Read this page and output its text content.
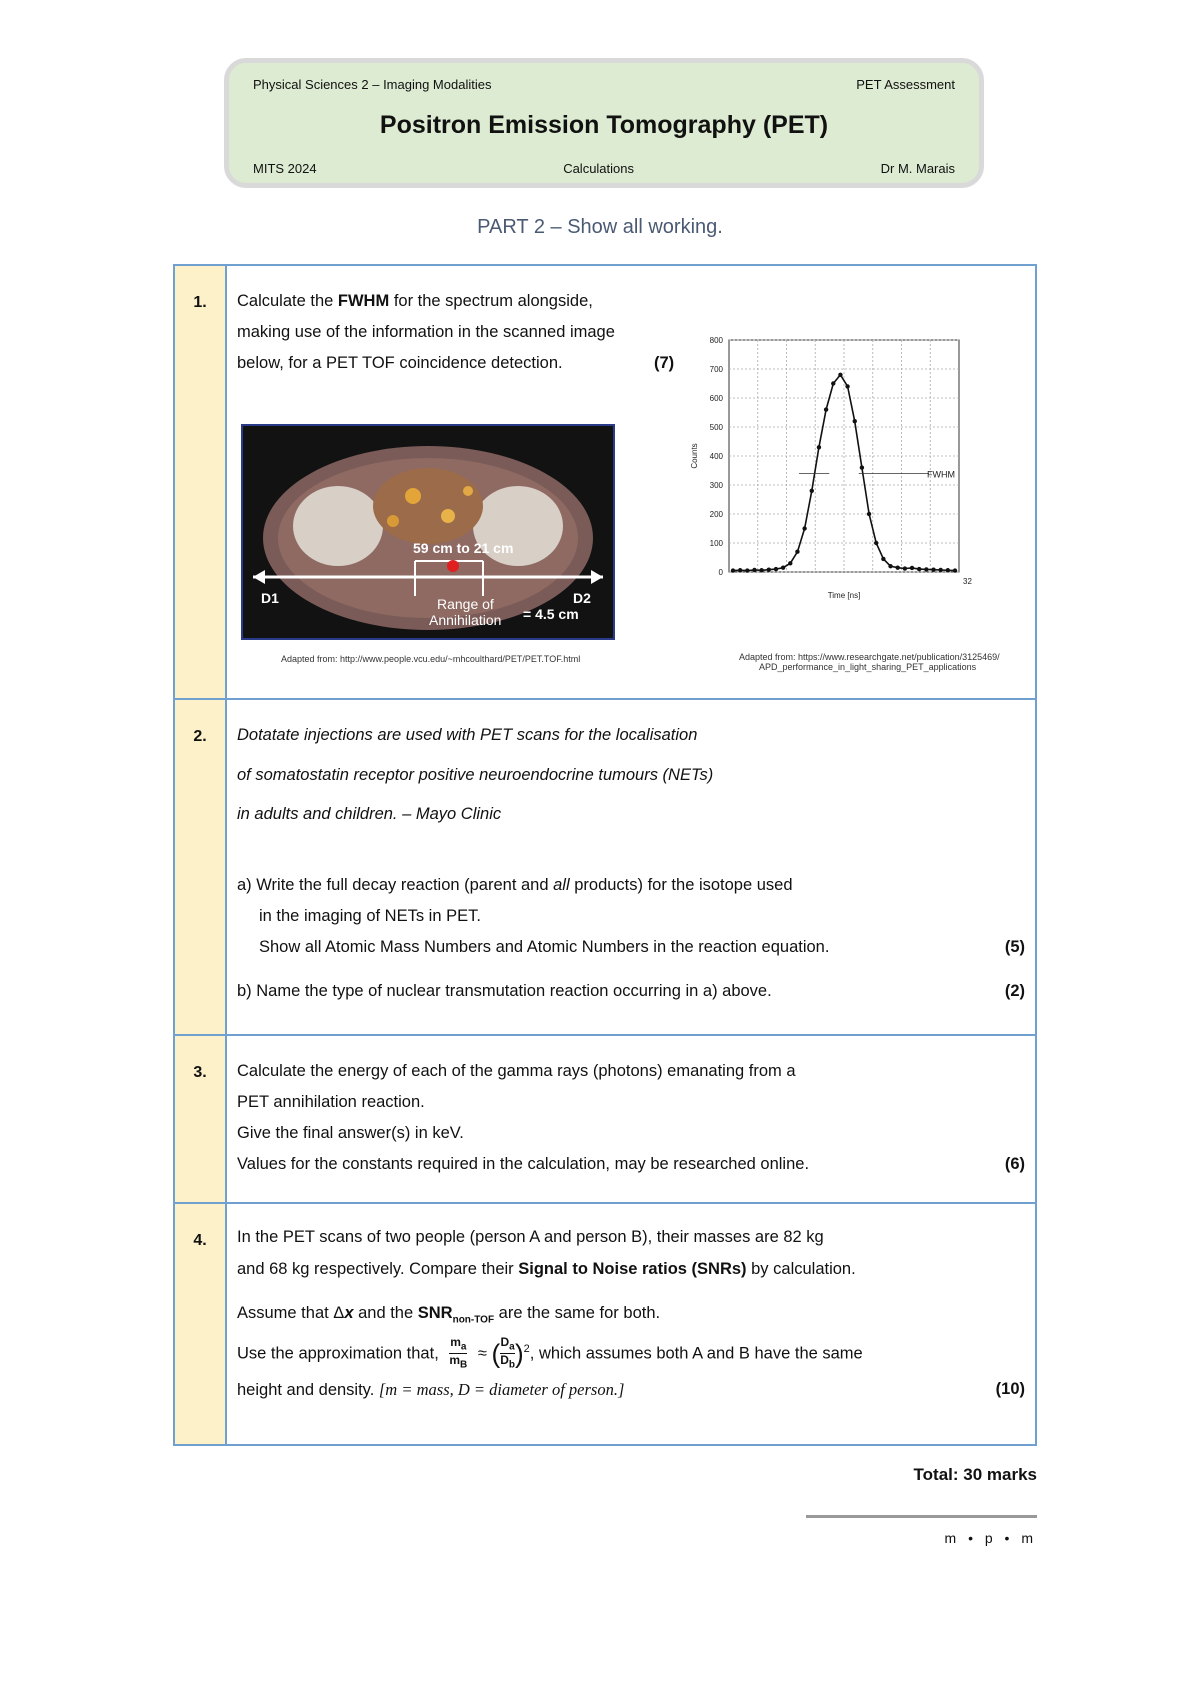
Physical Sciences 2 – Imaging Modalities	PET Assessment
Positron Emission Tomography (PET)
MITS 2024	Calculations	Dr M. Marais
PART 2 – Show all working.
1.	Calculate the FWHM for the spectrum alongside,
making use of the information in the scanned image
below, for a PET TOF coincidence detection.	(7)
59 cm to 21 cm
D1	D2
Range of
Annihilation = 4.5 cm
Adapted from: http://www.people.vcu.edu/~mhcoulthard/PET/PET.TOF.html
0
100
200
300
400
500
600
700
800
FWHM
Time [ns]
32
Counts
Adapted from: https://www.researchgate.net/publication/3125469/
APD_performance_in_light_sharing_PET_applications
2.	Dotatate injections are used with PET scans for the localisation
of somatostatin receptor positive neuroendocrine tumours (NETs)
in adults and children. – Mayo Clinic
a) Write the full decay reaction (parent and all products) for the isotope used
in the imaging of NETs in PET.
Show all Atomic Mass Numbers and Atomic Numbers in the reaction equation.	(5)
b) Name the type of nuclear transmutation reaction occurring in a) above.	(2)
3.	Calculate the energy of each of the gamma rays (photons) emanating from a
PET annihilation reaction.
Give the final answer(s) in keV.
Values for the constants required in the calculation, may be researched online.	(6)
4.	In the PET scans of two people (person A and person B), their masses are 82 kg
and 68 kg respectively. Compare their Signal to Noise ratios (SNRs) by calculation.
Assume that Δx and the $SNR_{non-TOF}$ are the same for both.
Use the approximation that, $\frac{m_a}{m_B}$ ≈ ( $\frac{D_a}{D_b} )^2$, which assumes both A and B have the same
height and density. [m = mass, D = diameter of person.]	(10)
Total: 30 marks
m • p • m
